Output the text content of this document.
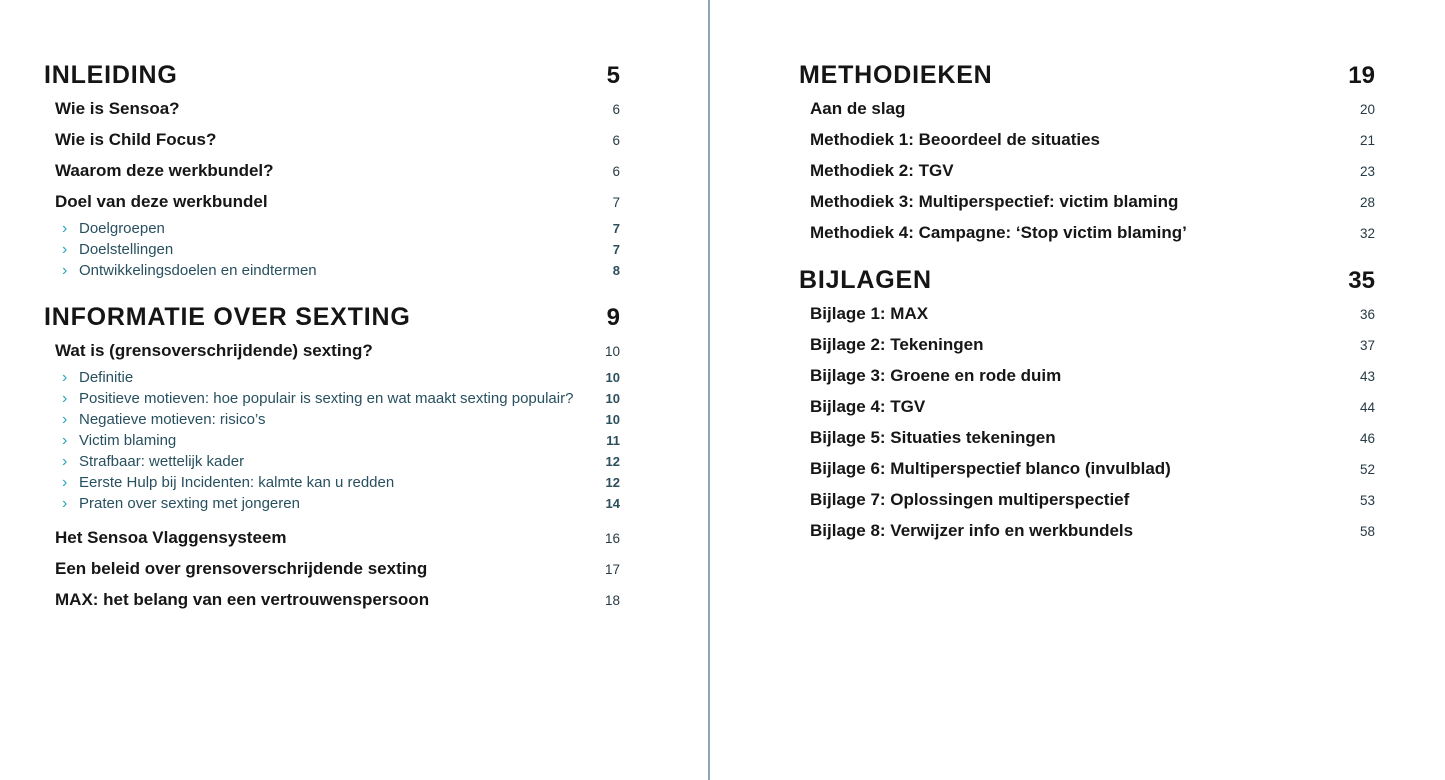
INLEIDING	5
Wie is Sensoa?	6
Wie is Child Focus?	6
Waarom deze werkbundel?	6
Doel van deze werkbundel	7
› Doelgroepen	7
› Doelstellingen	7
› Ontwikkelingsdoelen en eindtermen	8
INFORMATIE OVER SEXTING	9
Wat is (grensoverschrijdende) sexting?	10
› Definitie	10
› Positieve motieven: hoe populair is sexting en wat maakt sexting populair?	10
› Negatieve motieven: risico’s	10
› Victim blaming	11
› Strafbaar: wettelijk kader	12
› Eerste Hulp bij Incidenten: kalmte kan u redden	12
› Praten over sexting met jongeren	14
Het Sensoa Vlaggensysteem	16
Een beleid over grensoverschrijdende sexting	17
MAX: het belang van een vertrouwenspersoon	18
METHODIEKEN	19
Aan de slag	20
Methodiek 1: Beoordeel de situaties	21
Methodiek 2: TGV	23
Methodiek 3: Multiperspectief: victim blaming	28
Methodiek 4: Campagne: ‘Stop victim blaming’	32
BIJLAGEN	35
Bijlage 1: MAX	36
Bijlage 2: Tekeningen	37
Bijlage 3: Groene en rode duim	43
Bijlage 4: TGV	44
Bijlage 5: Situaties tekeningen	46
Bijlage 6: Multiperspectief blanco (invulblad)	52
Bijlage 7: Oplossingen multiperspectief	53
Bijlage 8: Verwijzer info en werkbundels	58
